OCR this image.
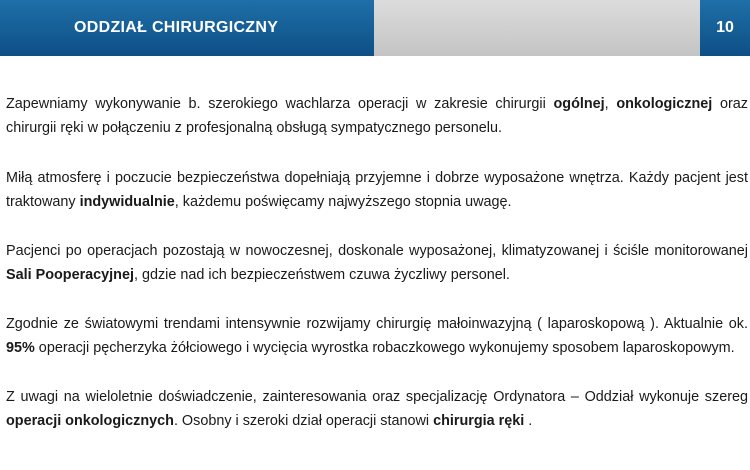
ODDZIAŁ CHIRURGICZNY	10

Zapewniamy wykonywanie b. szerokiego wachlarza operacji w zakresie chirurgii ogólnej, onkologicznej oraz chirurgii ręki w połączeniu z profesjonalną obsługą sympatycznego personelu.

Miłą atmosferę i poczucie bezpieczeństwa dopełniają przyjemne i dobrze wyposażone wnętrza. Każdy pacjent jest traktowany indywidualnie, każdemu poświęcamy najwyższego stopnia uwagę.

Pacjenci po operacjach pozostają w nowoczesnej, doskonale wyposażonej, klimatyzowanej i ściśle monitorowanej Sali Pooperacyjnej, gdzie nad ich bezpieczeństwem czuwa życzliwy personel.

Zgodnie ze światowymi trendami intensywnie rozwijamy chirurgię małoinwazyjną ( laparoskopową ). Aktualnie ok. 95% operacji pęcherzyka żółciowego i wycięcia wyrostka robaczkowego wykonujemy sposobem laparoskopowym.

Z uwagi na wieloletnie doświadczenie, zainteresowania oraz specjalizację Ordynatora – Oddział wykonuje szereg operacji onkologicznych. Osobny i szeroki dział operacji stanowi chirurgia ręki .
